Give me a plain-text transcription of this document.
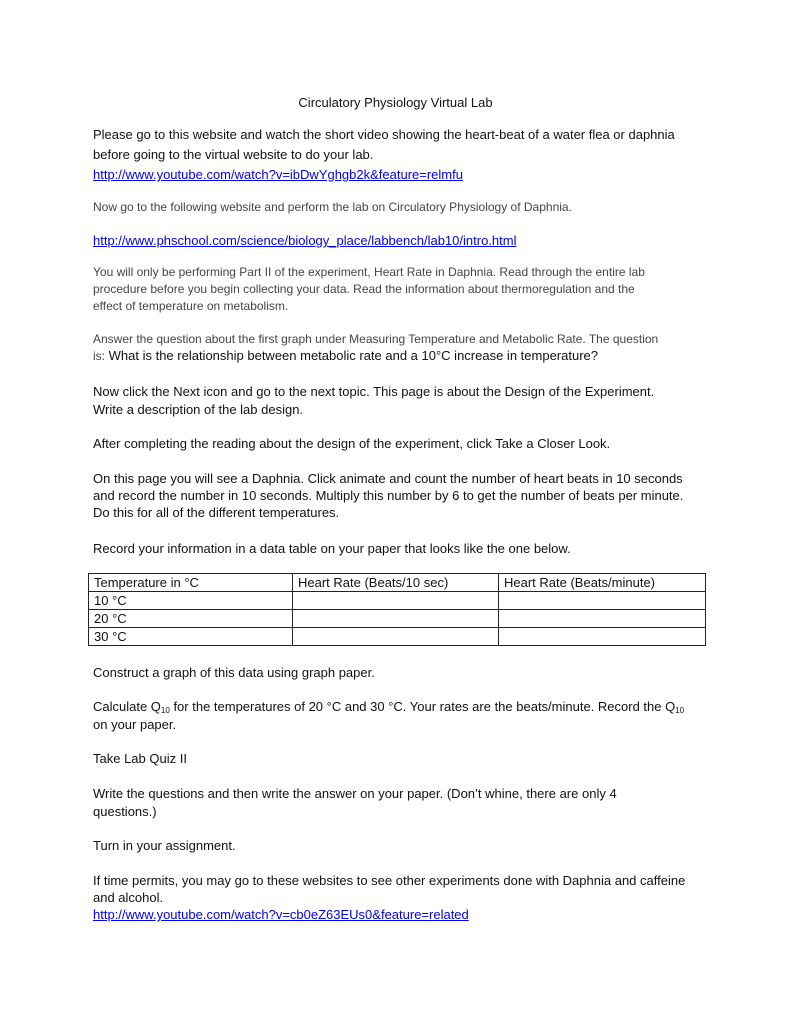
Circulatory Physiology Virtual Lab
Please go to this website and watch the short video showing the heart-beat of a water flea or daphnia
before going to the virtual website to do your lab.
http://www.youtube.com/watch?v=ibDwYghgb2k&feature=relmfu
Now go to the following website and perform the lab on Circulatory Physiology of Daphnia.
http://www.phschool.com/science/biology_place/labbench/lab10/intro.html
You will only be performing Part II of the experiment, Heart Rate in Daphnia. Read through the entire lab
procedure before you begin collecting your data. Read the information about thermoregulation and the
effect of temperature on metabolism.
Answer the question about the first graph under Measuring Temperature and Metabolic Rate. The question
is: What is the relationship between metabolic rate and a 10°C increase in temperature?
Now click the Next icon and go to the next topic. This page is about the Design of the Experiment.
Write a description of the lab design.
After completing the reading about the design of the experiment, click Take a Closer Look.
On this page you will see a Daphnia. Click animate and count the number of heart beats in 10 seconds
and record the number in 10 seconds. Multiply this number by 6 to get the number of beats per minute.
Do this for all of the different temperatures.
Record your information in a data table on your paper that looks like the one below.
Temperature in °C	Heart Rate (Beats/10 sec)	Heart Rate (Beats/minute)
10 °C		
20 °C		
30 °C		
Construct a graph of this data using graph paper.
Calculate $Q_{10}$ for the temperatures of 20 °C and 30 °C. Your rates are the beats/minute. Record the $Q_{10}$
on your paper.
Take Lab Quiz II
Write the questions and then write the answer on your paper. (Don’t whine, there are only 4
questions.)
Turn in your assignment.
If time permits, you may go to these websites to see other experiments done with Daphnia and caffeine
and alcohol.
http://www.youtube.com/watch?v=cb0eZ63EUs0&feature=related
